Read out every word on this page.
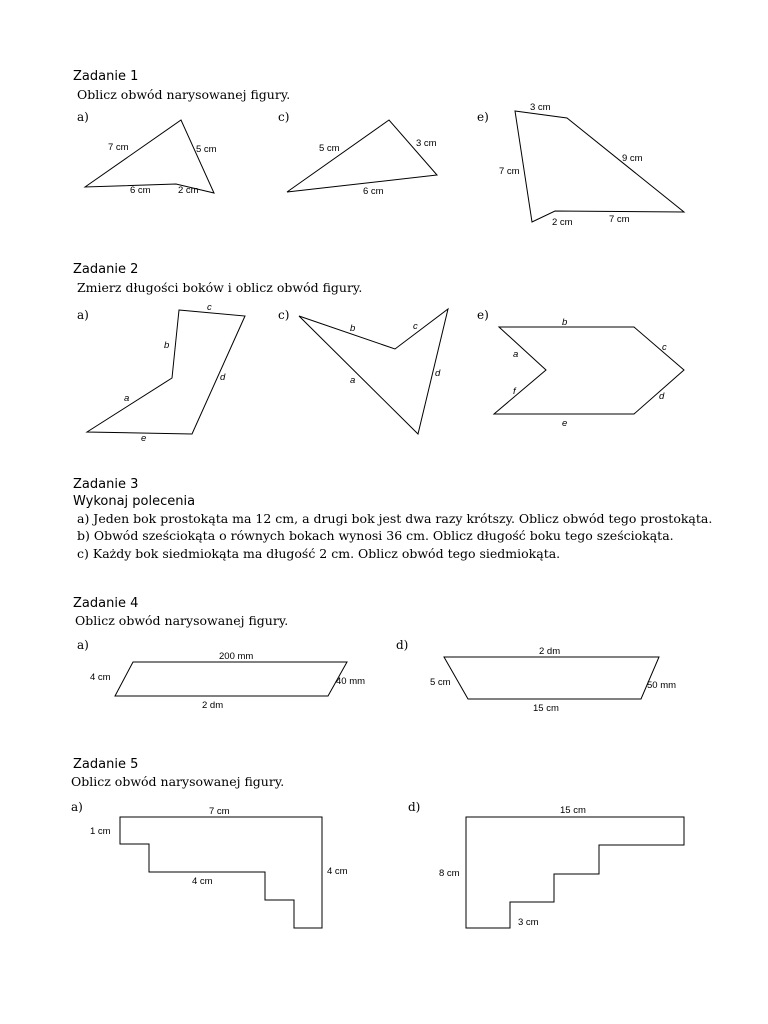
Zadanie 1
Oblicz obwód narysowanej figury.
a)	c)	e)
7 cm	5 cm
6 cm	2 cm
5 cm	3 cm
6 cm
3 cm
9 cm
7 cm
2 cm	7 cm
Zadanie 2
Zmierz długości boków i oblicz obwód figury.
a)	c)	e)
c
b
d
a
e
b	c
a
d
b
a
c
f	d
e
Zadanie 3
Wykonaj polecenia
a) Jeden bok prostokąta ma 12 cm, a drugi bok jest dwa razy krótszy. Oblicz obwód tego prostokąta.
b) Obwód sześciokąta o równych bokach wynosi 36 cm. Oblicz długość boku tego sześciokąta.
c) Każdy bok siedmiokąta ma długość 2 cm. Oblicz obwód tego siedmiokąta.
Zadanie 4
Oblicz obwód narysowanej figury.
a)	d)
200 mm
4 cm	40 mm
2 dm
2 dm
5 cm	50 mm
15 cm
Zadanie 5
Oblicz obwód narysowanej figury.
a)	d)
7 cm
1 cm
4 cm
4 cm
15 cm
8 cm
3 cm
